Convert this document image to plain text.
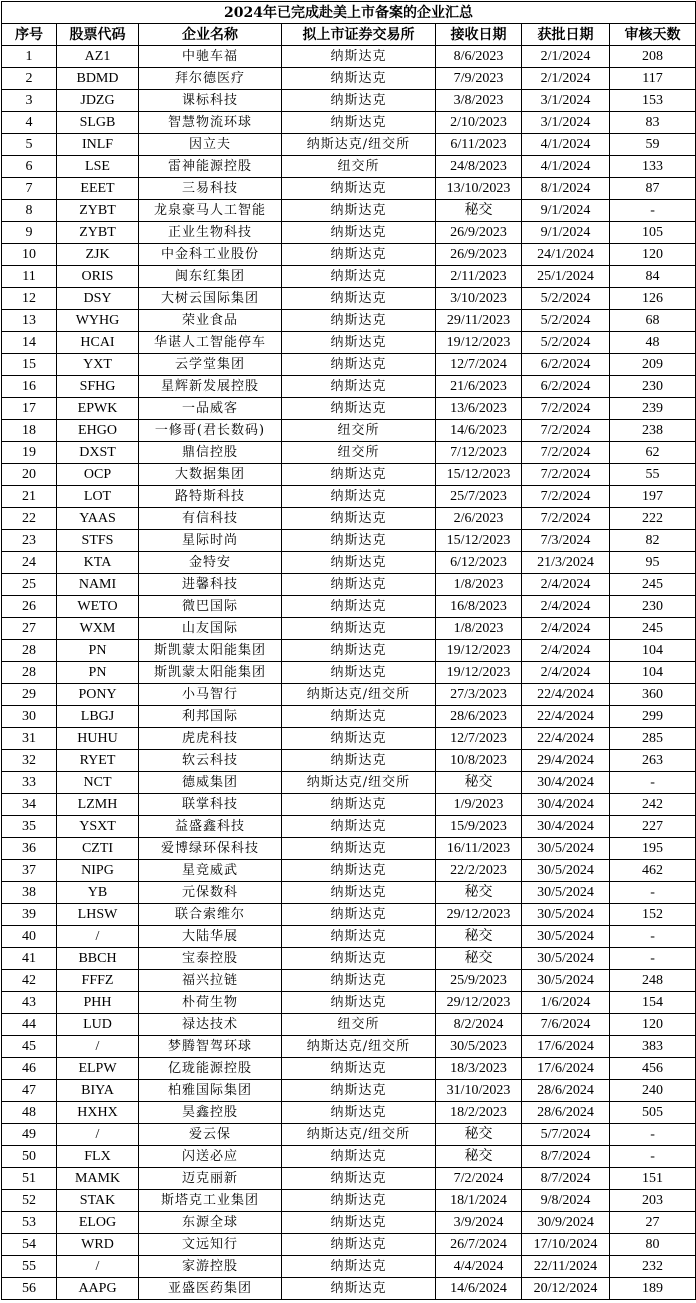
2024年已完成赴美上市备案的企业汇总						
序号	股票代码	企业名称	拟上市证券交易所	接收日期	获批日期	审核天数
1	AZ1	中驰车福	纳斯达克	8/6/2023	2/1/2024	208
2	BDMD	拜尔德医疗	纳斯达克	7/9/2023	2/1/2024	117
3	JDZG	课标科技	纳斯达克	3/8/2023	3/1/2024	153
4	SLGB	智慧物流环球	纳斯达克	2/10/2023	3/1/2024	83
5	INLF	因立夫	纳斯达克/纽交所	6/11/2023	4/1/2024	59
6	LSE	雷神能源控股	纽交所	24/8/2023	4/1/2024	133
7	EEET	三易科技	纳斯达克	13/10/2023	8/1/2024	87
8	ZYBT	龙泉豪马人工智能	纳斯达克	秘交	9/1/2024	-
9	ZYBT	正业生物科技	纳斯达克	26/9/2023	9/1/2024	105
10	ZJK	中金科工业股份	纳斯达克	26/9/2023	24/1/2024	120
11	ORIS	闽东红集团	纳斯达克	2/11/2023	25/1/2024	84
12	DSY	大树云国际集团	纳斯达克	3/10/2023	5/2/2024	126
13	WYHG	荣业食品	纳斯达克	29/11/2023	5/2/2024	68
14	HCAI	华谌人工智能停车	纳斯达克	19/12/2023	5/2/2024	48
15	YXT	云学堂集团	纳斯达克	12/7/2024	6/2/2024	209
16	SFHG	星辉新发展控股	纳斯达克	21/6/2023	6/2/2024	230
17	EPWK	一品威客	纳斯达克	13/6/2023	7/2/2024	239
18	EHGO	一修哥(君长数码)	纽交所	14/6/2023	7/2/2024	238
19	DXST	鼎信控股	纽交所	7/12/2023	7/2/2024	62
20	OCP	大数据集团	纳斯达克	15/12/2023	7/2/2024	55
21	LOT	路特斯科技	纳斯达克	25/7/2023	7/2/2024	197
22	YAAS	有信科技	纳斯达克	2/6/2023	7/2/2024	222
23	STFS	星际时尚	纳斯达克	15/12/2023	7/3/2024	82
24	KTA	金特安	纳斯达克	6/12/2023	21/3/2024	95
25	NAMI	进馨科技	纳斯达克	1/8/2023	2/4/2024	245
26	WETO	微巴国际	纳斯达克	16/8/2023	2/4/2024	230
27	WXM	山友国际	纳斯达克	1/8/2023	2/4/2024	245
28	PN	斯凯蒙太阳能集团	纳斯达克	19/12/2023	2/4/2024	104
28	PN	斯凯蒙太阳能集团	纳斯达克	19/12/2023	2/4/2024	104
29	PONY	小马智行	纳斯达克/纽交所	27/3/2023	22/4/2024	360
30	LBGJ	利邦国际	纳斯达克	28/6/2023	22/4/2024	299
31	HUHU	虎虎科技	纳斯达克	12/7/2023	22/4/2024	285
32	RYET	软云科技	纳斯达克	10/8/2023	29/4/2024	263
33	NCT	德威集团	纳斯达克/纽交所	秘交	30/4/2024	-
34	LZMH	联掌科技	纳斯达克	1/9/2023	30/4/2024	242
35	YSXT	益盛鑫科技	纳斯达克	15/9/2023	30/4/2024	227
36	CZTI	爱博绿环保科技	纳斯达克	16/11/2023	30/5/2024	195
37	NIPG	星竞威武	纳斯达克	22/2/2023	30/5/2024	462
38	YB	元保数科	纳斯达克	秘交	30/5/2024	-
39	LHSW	联合索维尔	纳斯达克	29/12/2023	30/5/2024	152
40	/	大陆华展	纳斯达克	秘交	30/5/2024	-
41	BBCH	宝泰控股	纳斯达克	秘交	30/5/2024	-
42	FFFZ	福兴拉链	纳斯达克	25/9/2023	30/5/2024	248
43	PHH	朴荷生物	纳斯达克	29/12/2023	1/6/2024	154
44	LUD	禄达技术	纽交所	8/2/2024	7/6/2024	120
45	/	梦腾智驾环球	纳斯达克/纽交所	30/5/2023	17/6/2024	383
46	ELPW	亿珑能源控股	纳斯达克	18/3/2023	17/6/2024	456
47	BIYA	柏雅国际集团	纳斯达克	31/10/2023	28/6/2024	240
48	HXHX	昊鑫控股	纳斯达克	18/2/2023	28/6/2024	505
49	/	爱云保	纳斯达克/纽交所	秘交	5/7/2024	-
50	FLX	闪送必应	纳斯达克	秘交	8/7/2024	-
51	MAMK	迈克丽新	纳斯达克	7/2/2024	8/7/2024	151
52	STAK	斯塔克工业集团	纳斯达克	18/1/2024	9/8/2024	203
53	ELOG	东源全球	纳斯达克	3/9/2024	30/9/2024	27
54	WRD	文远知行	纳斯达克	26/7/2024	17/10/2024	80
55	/	家游控股	纳斯达克	4/4/2024	22/11/2024	232
56	AAPG	亚盛医药集团	纳斯达克	14/6/2024	20/12/2024	189
